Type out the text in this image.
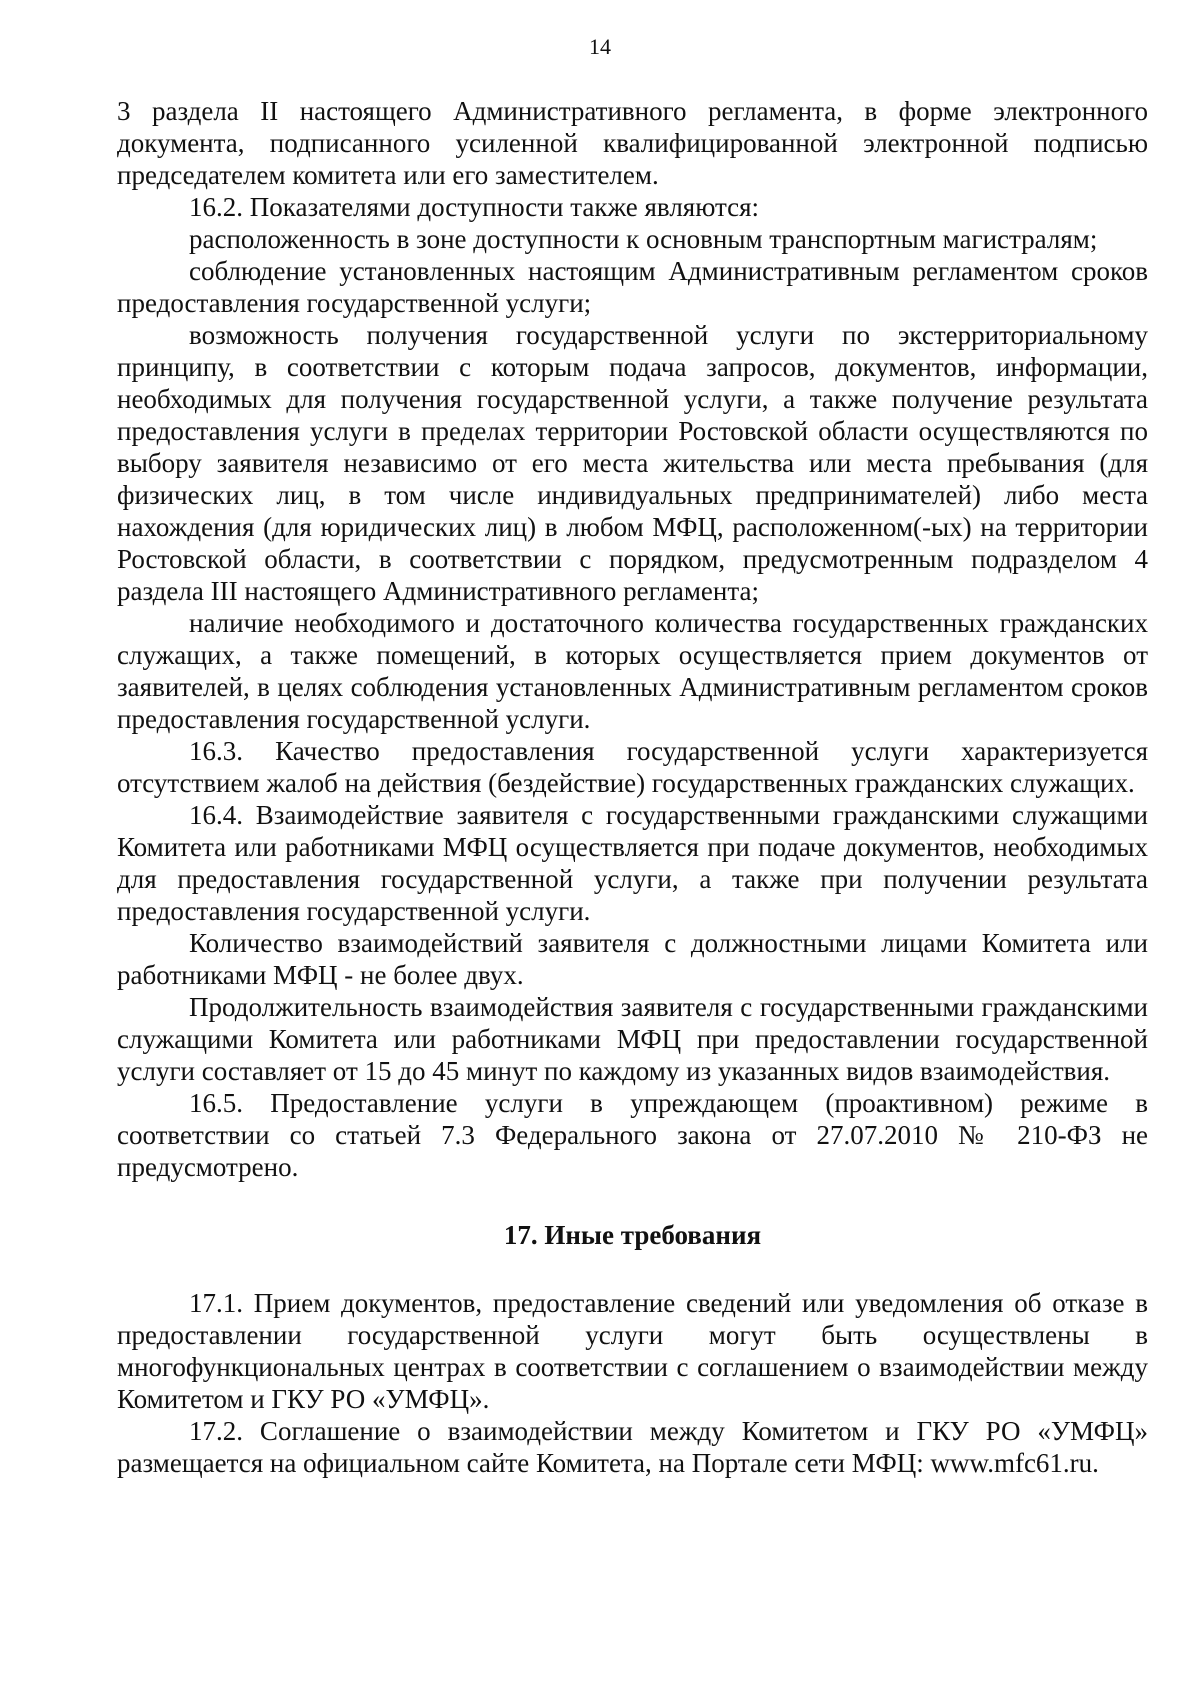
14

3 раздела II настоящего Административного регламента, в форме электронного документа, подписанного усиленной квалифицированной электронной подписью председателем комитета или его заместителем.

16.2. Показателями доступности также являются:

расположенность в зоне доступности к основным транспортным магистралям;

соблюдение установленных настоящим Административным регламентом сроков предоставления государственной услуги;

возможность получения государственной услуги по экстерриториальному принципу, в соответствии с которым подача запросов, документов, информации, необходимых для получения государственной услуги, а также получение результата предоставления услуги в пределах территории Ростовской области осуществляются по выбору заявителя независимо от его места жительства или места пребывания (для физических лиц, в том числе индивидуальных предпринимателей) либо места нахождения (для юридических лиц) в любом МФЦ, расположенном(-ых) на территории Ростовской области, в соответствии с порядком, предусмотренным подразделом 4 раздела III настоящего Административного регламента;

наличие необходимого и достаточного количества государственных гражданских служащих, а также помещений, в которых осуществляется прием документов от заявителей, в целях соблюдения установленных Административным регламентом сроков предоставления государственной услуги.

16.3. Качество предоставления государственной услуги характеризуется отсутствием жалоб на действия (бездействие) государственных гражданских служащих.

16.4. Взаимодействие заявителя с государственными гражданскими служащими Комитета или работниками МФЦ осуществляется при подаче документов, необходимых для предоставления государственной услуги, а также при получении результата предоставления государственной услуги.

Количество взаимодействий заявителя с должностными лицами Комитета или работниками МФЦ - не более двух.

Продолжительность взаимодействия заявителя с государственными гражданскими служащими Комитета или работниками МФЦ при предоставлении государственной услуги составляет от 15 до 45 минут по каждому из указанных видов взаимодействия.

16.5. Предоставление услуги в упреждающем (проактивном) режиме в соответствии со статьей 7.3 Федерального закона от 27.07.2010 № 210-ФЗ не предусмотрено.

17. Иные требования

17.1. Прием документов, предоставление сведений или уведомления об отказе в предоставлении государственной услуги могут быть осуществлены в многофункциональных центрах в соответствии с соглашением о взаимодействии между Комитетом и ГКУ РО «УМФЦ».

17.2. Соглашение о взаимодействии между Комитетом и ГКУ РО «УМФЦ» размещается на официальном сайте Комитета, на Портале сети МФЦ: www.mfc61.ru.
